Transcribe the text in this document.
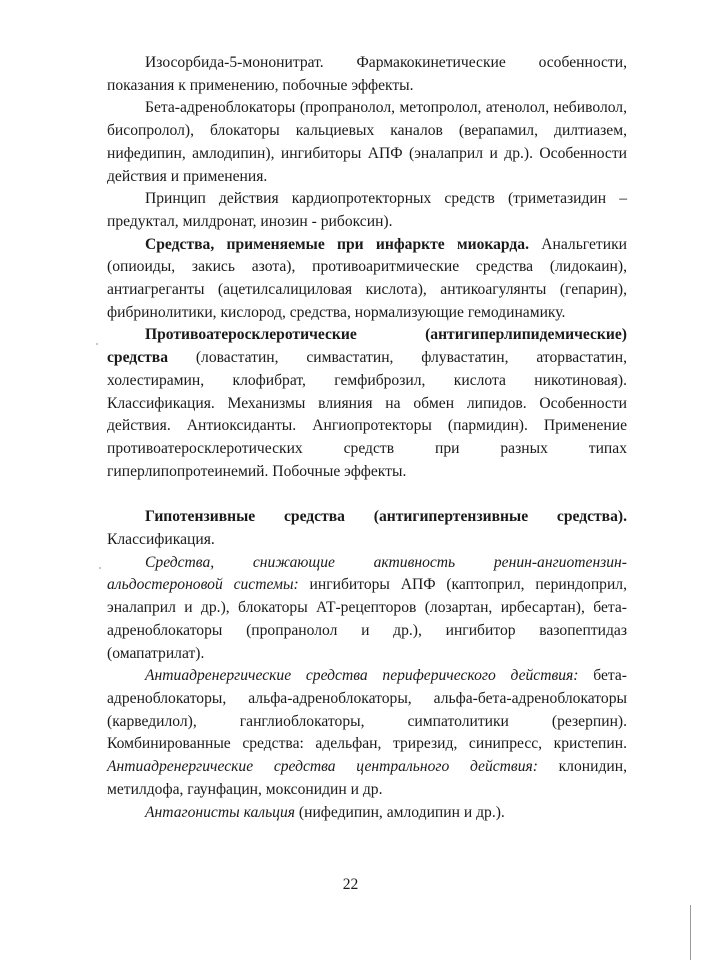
Изосорбида-5-мононитрат. Фармакокинетические особенности, показания к применению, побочные эффекты.

Бета-адреноблокаторы (пропранолол, метопролол, атенолол, небиволол, бисопролол), блокаторы кальциевых каналов (верапамил, дилтиазем, нифедипин, амлодипин), ингибиторы АПФ (эналаприл и др.). Особенности действия и применения.

Принцип действия кардиопротекторных средств (триметазидин – предуктал, милдронат, инозин - рибоксин).

Средства, применяемые при инфаркте миокарда. Анальгетики (опиоиды, закись азота), противоаритмические средства (лидокаин), антиагреганты (ацетилсалициловая кислота), антикоагулянты (гепарин), фибринолитики, кислород, средства, нормализующие гемодинамику.

Противоатеросклеротические (антигиперлипидемические) средства (ловастатин, симвастатин, флувастатин, аторвастатин, холестирамин, клофибрат, гемфиброзил, кислота никотиновая). Классификация. Механизмы влияния на обмен липидов. Особенности действия. Антиоксиданты. Ангиопротекторы (пармидин). Применение противоатеросклеротических средств при разных типах гиперлипопротеинемий. Побочные эффекты.

Гипотензивные средства (антигипертензивные средства). Классификация.

Средства, снижающие активность ренин-ангиотензин-альдостероновой системы: ингибиторы АПФ (каптоприл, периндоприл, эналаприл и др.), блокаторы АТ-рецепторов (лозартан, ирбесартан), бета-адреноблокаторы (пропранолол и др.), ингибитор вазопептидаз (омапатрилат).

Антиадренергические средства периферического действия: бета-адреноблокаторы, альфа-адреноблокаторы, альфа-бета-адреноблокаторы (карведилол), ганглиоблокаторы, симпатолитики (резерпин). Комбинированные средства: адельфан, трирезид, синипресс, кристепин. Антиадренергические средства центрального действия: клонидин, метилдофа, гаунфацин, моксонидин и др.

Антагонисты кальция (нифедипин, амлодипин и др.).

22
